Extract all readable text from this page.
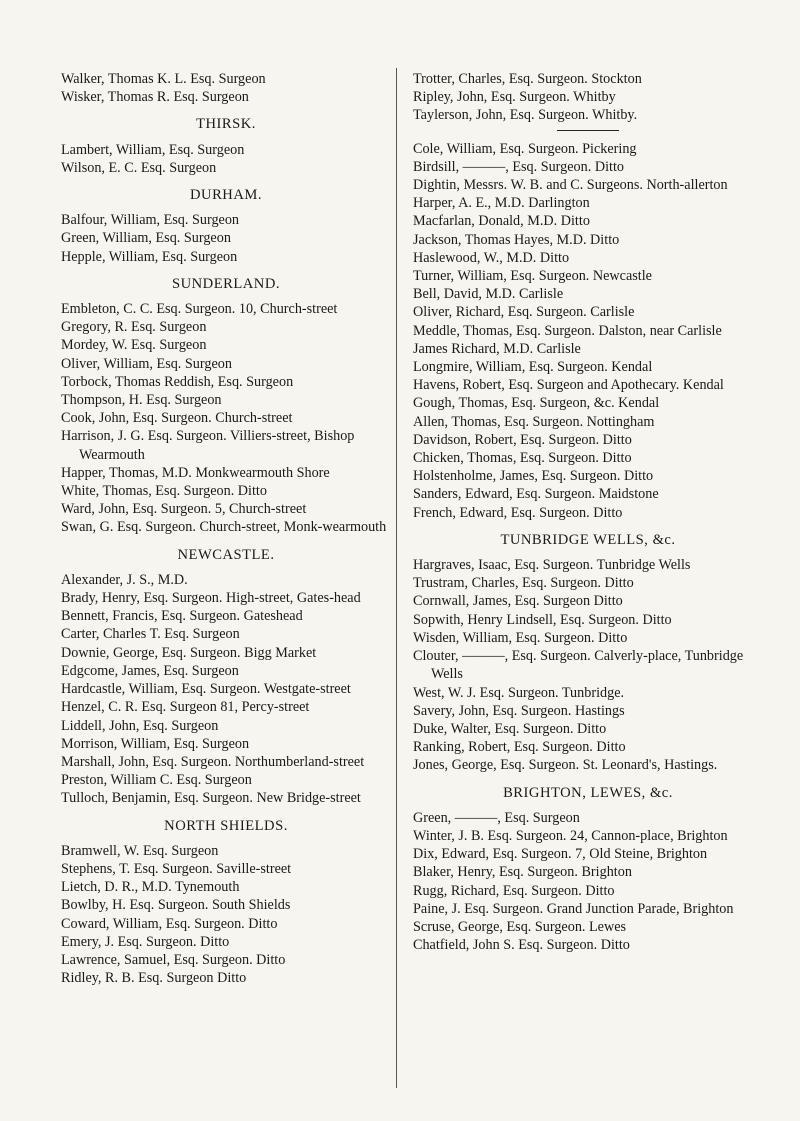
Walker, Thomas K. L. Esq. Surgeon

Wisker, Thomas R. Esq. Surgeon

THIRSK.

Lambert, William, Esq. Surgeon

Wilson, E. C. Esq. Surgeon

DURHAM.

Balfour, William, Esq. Surgeon

Green, William, Esq. Surgeon

Hepple, William, Esq. Surgeon

SUNDERLAND.

Embleton, C. C. Esq. Surgeon. 10, Church-street

Gregory, R. Esq. Surgeon

Mordey, W. Esq. Surgeon

Oliver, William, Esq. Surgeon

Torbock, Thomas Reddish, Esq. Surgeon

Thompson, H. Esq. Surgeon

Cook, John, Esq. Surgeon. Church-street

Harrison, J. G. Esq. Surgeon. Villiers-street, Bishop Wearmouth

Happer, Thomas, M.D. Monkwearmouth Shore

White, Thomas, Esq. Surgeon. Ditto

Ward, John, Esq. Surgeon. 5, Church-street

Swan, G. Esq. Surgeon. Church-street, Monk-wearmouth

NEWCASTLE.

Alexander, J. S., M.D.

Brady, Henry, Esq. Surgeon. High-street, Gates-head

Bennett, Francis, Esq. Surgeon. Gateshead

Carter, Charles T. Esq. Surgeon

Downie, George, Esq. Surgeon. Bigg Market

Edgcome, James, Esq. Surgeon

Hardcastle, William, Esq. Surgeon. Westgate-street

Henzel, C. R. Esq. Surgeon 81, Percy-street

Liddell, John, Esq. Surgeon

Morrison, William, Esq. Surgeon

Marshall, John, Esq. Surgeon. Northumberland-street

Preston, William C. Esq. Surgeon

Tulloch, Benjamin, Esq. Surgeon. New Bridge-street

NORTH SHIELDS.

Bramwell, W. Esq. Surgeon

Stephens, T. Esq. Surgeon. Saville-street

Lietch, D. R., M.D. Tynemouth

Bowlby, H. Esq. Surgeon. South Shields

Coward, William, Esq. Surgeon. Ditto

Emery, J. Esq. Surgeon. Ditto

Lawrence, Samuel, Esq. Surgeon. Ditto

Ridley, R. B. Esq. Surgeon Ditto

Trotter, Charles, Esq. Surgeon. Stockton

Ripley, John, Esq. Surgeon. Whitby

Taylerson, John, Esq. Surgeon. Whitby.

Cole, William, Esq. Surgeon. Pickering

Birdsill, ———, Esq. Surgeon. Ditto

Dightin, Messrs. W. B. and C. Surgeons. North-allerton

Harper, A. E., M.D. Darlington

Macfarlan, Donald, M.D. Ditto

Jackson, Thomas Hayes, M.D. Ditto

Haslewood, W., M.D. Ditto

Turner, William, Esq. Surgeon. Newcastle

Bell, David, M.D. Carlisle

Oliver, Richard, Esq. Surgeon. Carlisle

Meddle, Thomas, Esq. Surgeon. Dalston, near Carlisle

James Richard, M.D. Carlisle

Longmire, William, Esq. Surgeon. Kendal

Havens, Robert, Esq. Surgeon and Apothecary. Kendal

Gough, Thomas, Esq. Surgeon, &c. Kendal

Allen, Thomas, Esq. Surgeon. Nottingham

Davidson, Robert, Esq. Surgeon. Ditto

Chicken, Thomas, Esq. Surgeon. Ditto

Holstenholme, James, Esq. Surgeon. Ditto

Sanders, Edward, Esq. Surgeon. Maidstone

French, Edward, Esq. Surgeon. Ditto

TUNBRIDGE WELLS, &c.

Hargraves, Isaac, Esq. Surgeon. Tunbridge Wells

Trustram, Charles, Esq. Surgeon. Ditto

Cornwall, James, Esq. Surgeon Ditto

Sopwith, Henry Lindsell, Esq. Surgeon. Ditto

Wisden, William, Esq. Surgeon. Ditto

Clouter, ———, Esq. Surgeon. Calverly-place, Tunbridge Wells

West, W. J. Esq. Surgeon. Tunbridge.

Savery, John, Esq. Surgeon. Hastings

Duke, Walter, Esq. Surgeon. Ditto

Ranking, Robert, Esq. Surgeon. Ditto

Jones, George, Esq. Surgeon. St. Leonard's, Hastings.

BRIGHTON, LEWES, &c.

Green, ———, Esq. Surgeon

Winter, J. B. Esq. Surgeon. 24, Cannon-place, Brighton

Dix, Edward, Esq. Surgeon. 7, Old Steine, Brighton

Blaker, Henry, Esq. Surgeon. Brighton

Rugg, Richard, Esq. Surgeon. Ditto

Paine, J. Esq. Surgeon. Grand Junction Parade, Brighton

Scruse, George, Esq. Surgeon. Lewes

Chatfield, John S. Esq. Surgeon. Ditto
